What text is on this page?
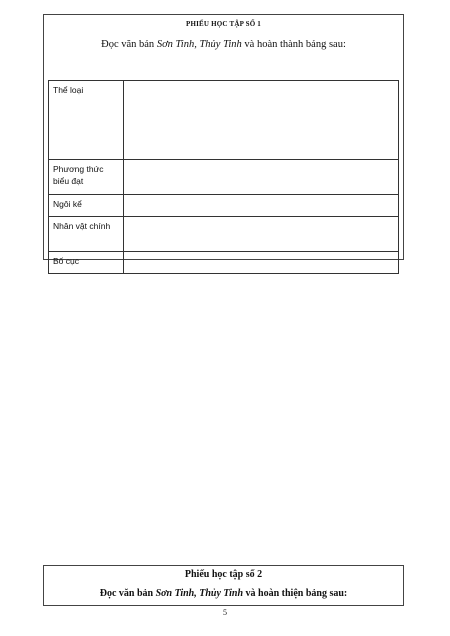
PHIẾU HỌC TẬP SỐ 1
Đọc văn bản Sơn Tinh, Thủy Tinh và hoàn thành bảng sau:
Thể loại	
Phương thức biểu đạt	
Ngôi kể	
Nhân vật chính	
Bố cục	
Phiếu học tập số 2
Đọc văn bản Sơn Tinh, Thủy Tinh và hoàn thiện bảng sau:
5
